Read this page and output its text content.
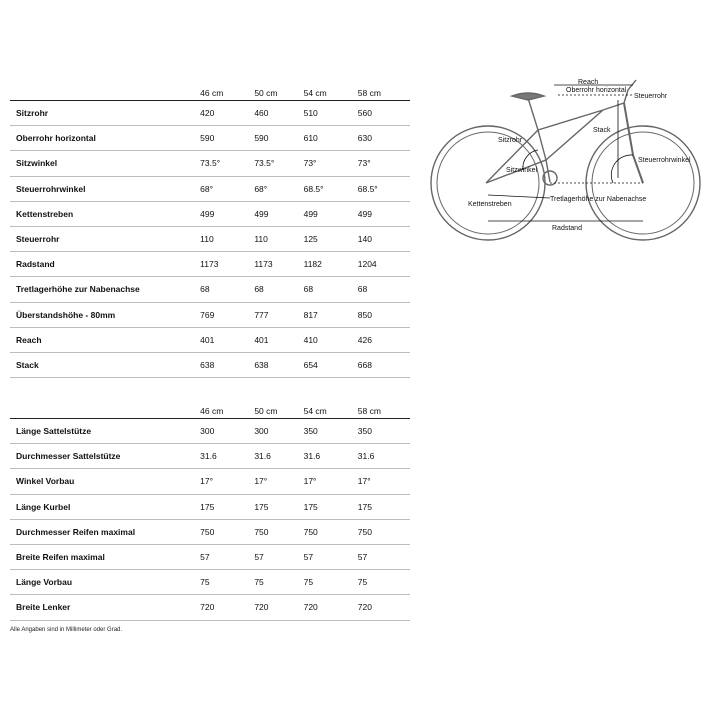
	46 cm	50 cm	54 cm	58 cm
Sitzrohr	420	460	510	560
Oberrohr horizontal	590	590	610	630
Sitzwinkel	73.5°	73.5°	73°	73°
Steuerrohrwinkel	68°	68°	68.5°	68.5°
Kettenstreben	499	499	499	499
Steuerrohr	110	110	125	140
Radstand	1173	1173	1182	1204
Tretlagerhöhe zur Nabenachse	68	68	68	68
Überstandshöhe - 80mm	769	777	817	850
Reach	401	401	410	426
Stack	638	638	654	668
	46 cm	50 cm	54 cm	58 cm
Länge Sattelstütze	300	300	350	350
Durchmesser Sattelstütze	31.6	31.6	31.6	31.6
Winkel Vorbau	17°	17°	17°	17°
Länge Kurbel	175	175	175	175
Durchmesser Reifen maximal	750	750	750	750
Breite Reifen maximal	57	57	57	57
Länge Vorbau	75	75	75	75
Breite Lenker	720	720	720	720
Alle Angaben sind in Millimeter oder Grad.
Reach
Oberrohr horizontal
Steuerrohr
Sitzrohr
Stack
Sitzwinkel
Steuerrohrwinkel
Tretlagerhöhe zur Nabenachse
Kettenstreben
Radstand
